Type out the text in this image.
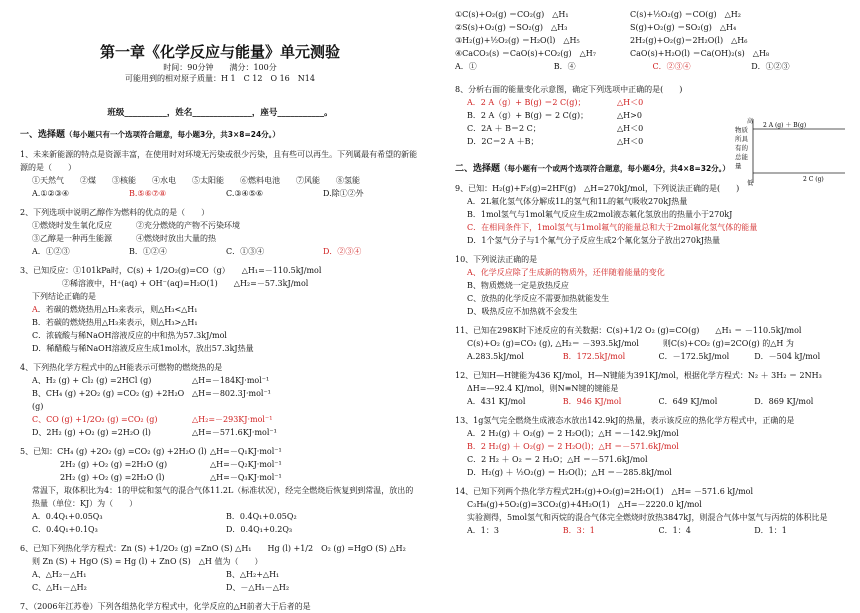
第一章《化学反应与能量》单元测验
时间：90分钟　　满分：100分
可能用到的相对原子质量：H 1　C 12　O 16　N14
班级__________，姓名______________，座号___________。
一、选择题（每小题只有一个选项符合题意，每小题3分，共3×8=24分。）
1、未来新能源的特点是资源丰富，在使用时对环境无污染或很少污染，且有些可以再生。下列属最有希望的新能源的是（　　）
①天然气　　②煤　　③核能　　④水电　　⑤太阳能　　⑥燃料电池　　⑦风能　　⑧氢能
A.①②③④	B.⑤⑥⑦⑧	C.③④⑤⑥	D.除①②外
2、下列选项中说明乙醇作为燃料的优点的是（　　）
①燃烧时发生氧化反应　　　②充分燃烧的产物不污染环境
③乙醇是一种再生能源　　　④燃烧时放出大量的热
A．①②③	B．①②④	C．①③④	D．②③④
3、已知反应：①101kPa时，C(s) + 1/2O₂(g)=CO（g）　　△H₁=－110.5kJ/mol
②稀溶液中，H⁺(aq) + OH⁻(aq)=H₂O(1)　　△H₂=－57.3kJ/mol
下列结论正确的是
A．若碳的燃烧热用△H₃来表示，则△H₃<△H₁
B．若碳的燃烧热用△H₃来表示，则△H₃>△H₁
C．浓硫酸与稀NaOH溶液反应的中和热为57.3kJ/mol
D．稀醋酸与稀NaOH溶液反应生成1mol水，放出57.3kJ热量
4、下列热化学方程式中的△H能表示可燃物的燃烧热的是
A、H₂ (g) + Cl₂ (g) =2HCl (g)	△H=－184KJ·mol⁻¹
B、CH₄ (g) +2O₂ (g) =CO₂ (g) +2H₂O (g)
△H=－802.3J·mol⁻¹
C、CO (g) +1/2O₂ (g) =CO₂ (g)	△H₂=－293KJ·mol⁻¹
D、2H₂ (g) +O₂ (g) =2H₂O (l)	△H=－571.6KJ·mol⁻¹
5、已知：CH₄ (g) +2O₂ (g) =CO₂ (g) +2H₂O (l) △H=－Q₁KJ·mol⁻¹
2H₂ (g) +O₂ (g) =2H₂O (g)	△H=－Q₂KJ·mol⁻¹
2H₂ (g) +O₂ (g) =2H₂O (l)	△H=－Q₃KJ·mol⁻¹
常温下，取体积比为4：1的甲烷和氢气的混合气体11.2L（标准状况），经完全燃烧后恢复到到常温，放出的热量（单位：KJ）为（　　）
A．0.4Q₁+0.05Q₃	B．0.4Q₁+0.05Q₂
C．0.4Q₁+0.1Q₃	D．0.4Q₁+0.2Q₃
6、已知下列热化学方程式：Zn (S) +1/2O₂ (g) =ZnO (S) △H₁　　Hg (l) +1/2　O₂ (g) =HgO (S) △H₂
则 Zn (S) + HgO (S) = Hg (l) + ZnO (S)　△H 值为（　　）
A、△H₂－△H₁	B、△H₂+△H₁
C、△H₁－△H₂	D、－△H₁－△H₂
7、（2006年江苏卷）下列各组热化学方程式中，化学反应的△H前者大于后者的是
①C(s)+O₂(g) ＝CO₂(g)　△H₁	C(s)+½O₂(g) ＝CO(g)　△H₂
②S(s)+O₂(g) ＝SO₂(g)　△H₃	S(g)+O₂(g) ＝SO₂(g)　△H₄
③H₂(g)+½O₂(g) ＝H₂O(l)　△H₅	2H₂(g)+O₂(g)＝2H₂O(l)　△H₆
④CaCO₃(s) ＝CaO(s)+CO₂(g)　△H₇	CaO(s)+H₂O(l) ＝Ca(OH)₂(s)　△H₈
A．①	B．④	C．②③④	D．①②③
8、分析右面的能量变化示意图，确定下列选项中正确的是(　　)
A．2 A（g）+ B(g) ＝2 C(g)；	△H＜0
B．2 A（g）+ B(g) ＝ 2 C(g)；	△H>0
C．2A ＋ B＝2 C；	△H＜0
D．2C＝2 A ＋B；	△H＜0
二、选择题（每小题有一个或两个选项符合题意，每小题4分，共4×8=32分。）
9、已知：H₂(g)+F₂(g)=2HF(g)　△H=270kJ/mol，下列说法正确的是(　　)
A．2L氟化氢气体分解成1L的氢气和1L的氟气吸收270kJ热量
B．1mol氢气与1mol氟气反应生成2mol液态氟化氢放出的热量小于270kJ
C．在相同条件下，1mol氢气与1mol氟气的能量总和大于2mol氟化氢气体的能量
D．1个氢气分子与1个氟气分子反应生成2个氟化氢分子放出270kJ热量
10、下列说法正确的是
A、化学反应除了生成新的物质外，还伴随着能量的变化
B、物质燃烧一定是放热反应
C、放热的化学反应不需要加热就能发生
D、吸热反应不加热就不会发生
11、已知在298K时下述反应的有关数据：C(s)+1/2 O₂ (g)=CO(g)　　△H₁ ＝ －110.5kJ/mol
C(s)+O₂ (g)=CO₂ (g), △H₂＝ －393.5kJ/mol　　　则C(s)+CO₂ (g)=2CO(g) 的△H 为
A.283.5kJ/mol	B．172.5kJ/mol	C．－172.5kJ/mol	D．－504 kJ/mol
12、已知H—H键能为436 KJ/mol，H—N键能为391KJ/mol，根据化学方程式：N₂ ＋ 3H₂ ＝ 2NH₃
ΔH=—92.4 KJ/mol，则N≡N键的键能是
A．431 KJ/mol	B．946 KJ/mol	C．649 KJ/mol	D．869 KJ/mol
13、1g氢气完全燃烧生成液态水放出142.9kJ的热量，表示该反应的热化学方程式中，正确的是
A．2 H₂(g) ＋ O₂(g) ＝ 2 H₂O(l)；△H ＝－142.9kJ/mol
B．2 H₂(g) ＋ O₂(g) ＝ 2 H₂O(l)；△H ＝－571.6kJ/mol
C．2 H₂ ＋ O₂ ＝ 2 H₂O；△H ＝－571.6kJ/mol
D．H₂(g) ＋ ½O₂(g) ＝ H₂O(l)；△H ＝－285.8kJ/mol
14、已知下列两个热化学方程式2H₂(g)+O₂(g)=2H₂O(1)　△H= －571.6 kJ/mol
C₃H₈(g)+5O₂(g)=3CO₂(g)+4H₂O(1)　△H=－2220.0 kJ/mol
实验测得，5mol氢气和丙烷的混合气体完全燃烧时放热3847kJ，则混合气体中氢气与丙烷的体积比是
A．1：3	B．3：1	C．1：4	D．1：1
高
低
2 A (g) ＋ B(g)
2 C (g)
物质所具有的总能量
